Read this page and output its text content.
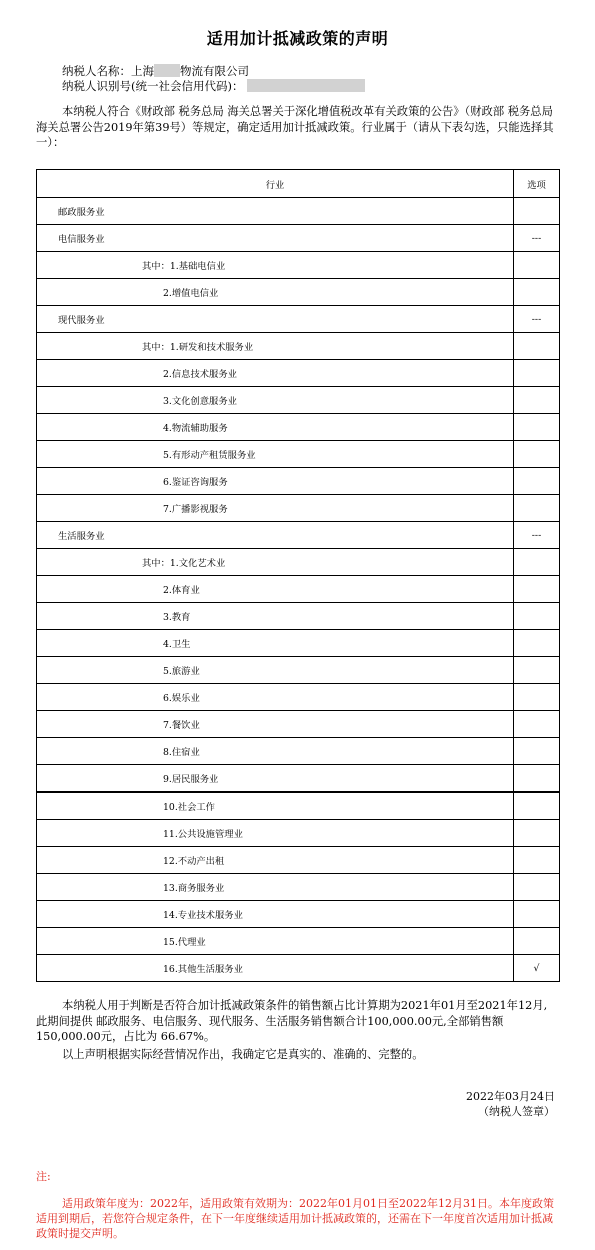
适用加计抵减政策的声明
纳税人名称：上海 物流有限公司
纳税人识别号(统一社会信用代码)：

本纳税人符合《财政部 税务总局 海关总署关于深化增值税改革有关政策的公告》（财政部 税务总局 海关总署公告2019年第39号）等规定，确定适用加计抵减政策。行业属于（请从下表勾选，只能选择其一）：

行业	选项
邮政服务业	
电信服务业	---
其中：1.基础电信业	
2.增值电信业	
现代服务业	---
其中：1.研发和技术服务业	
2.信息技术服务业	
3.文化创意服务业	
4.物流辅助服务	
5.有形动产租赁服务业	
6.鉴证咨询服务	
7.广播影视服务	
生活服务业	---
其中：1.文化艺术业	
2.体育业	
3.教育	
4.卫生	
5.旅游业	
6.娱乐业	
7.餐饮业	
8.住宿业	
9.居民服务业	
10.社会工作	
11.公共设施管理业	
12.不动产出租	
13.商务服务业	
14.专业技术服务业	
15.代理业	
16.其他生活服务业	√

本纳税人用于判断是否符合加计抵减政策条件的销售额占比计算期为2021年01月至2021年12月,此期间提供 邮政服务、电信服务、现代服务、生活服务销售额合计100,000.00元,全部销售额150,000.00元，占比为 66.67%。

以上声明根据实际经营情况作出，我确定它是真实的、准确的、完整的。

2022年03月24日
（纳税人签章）
注:

适用政策年度为：2022年，适用政策有效期为：2022年01月01日至2022年12月31日。本年度政策适用到期后，若您符合规定条件，在下一年度继续适用加计抵减政策的，还需在下一年度首次适用加计抵减政策时提交声明。
